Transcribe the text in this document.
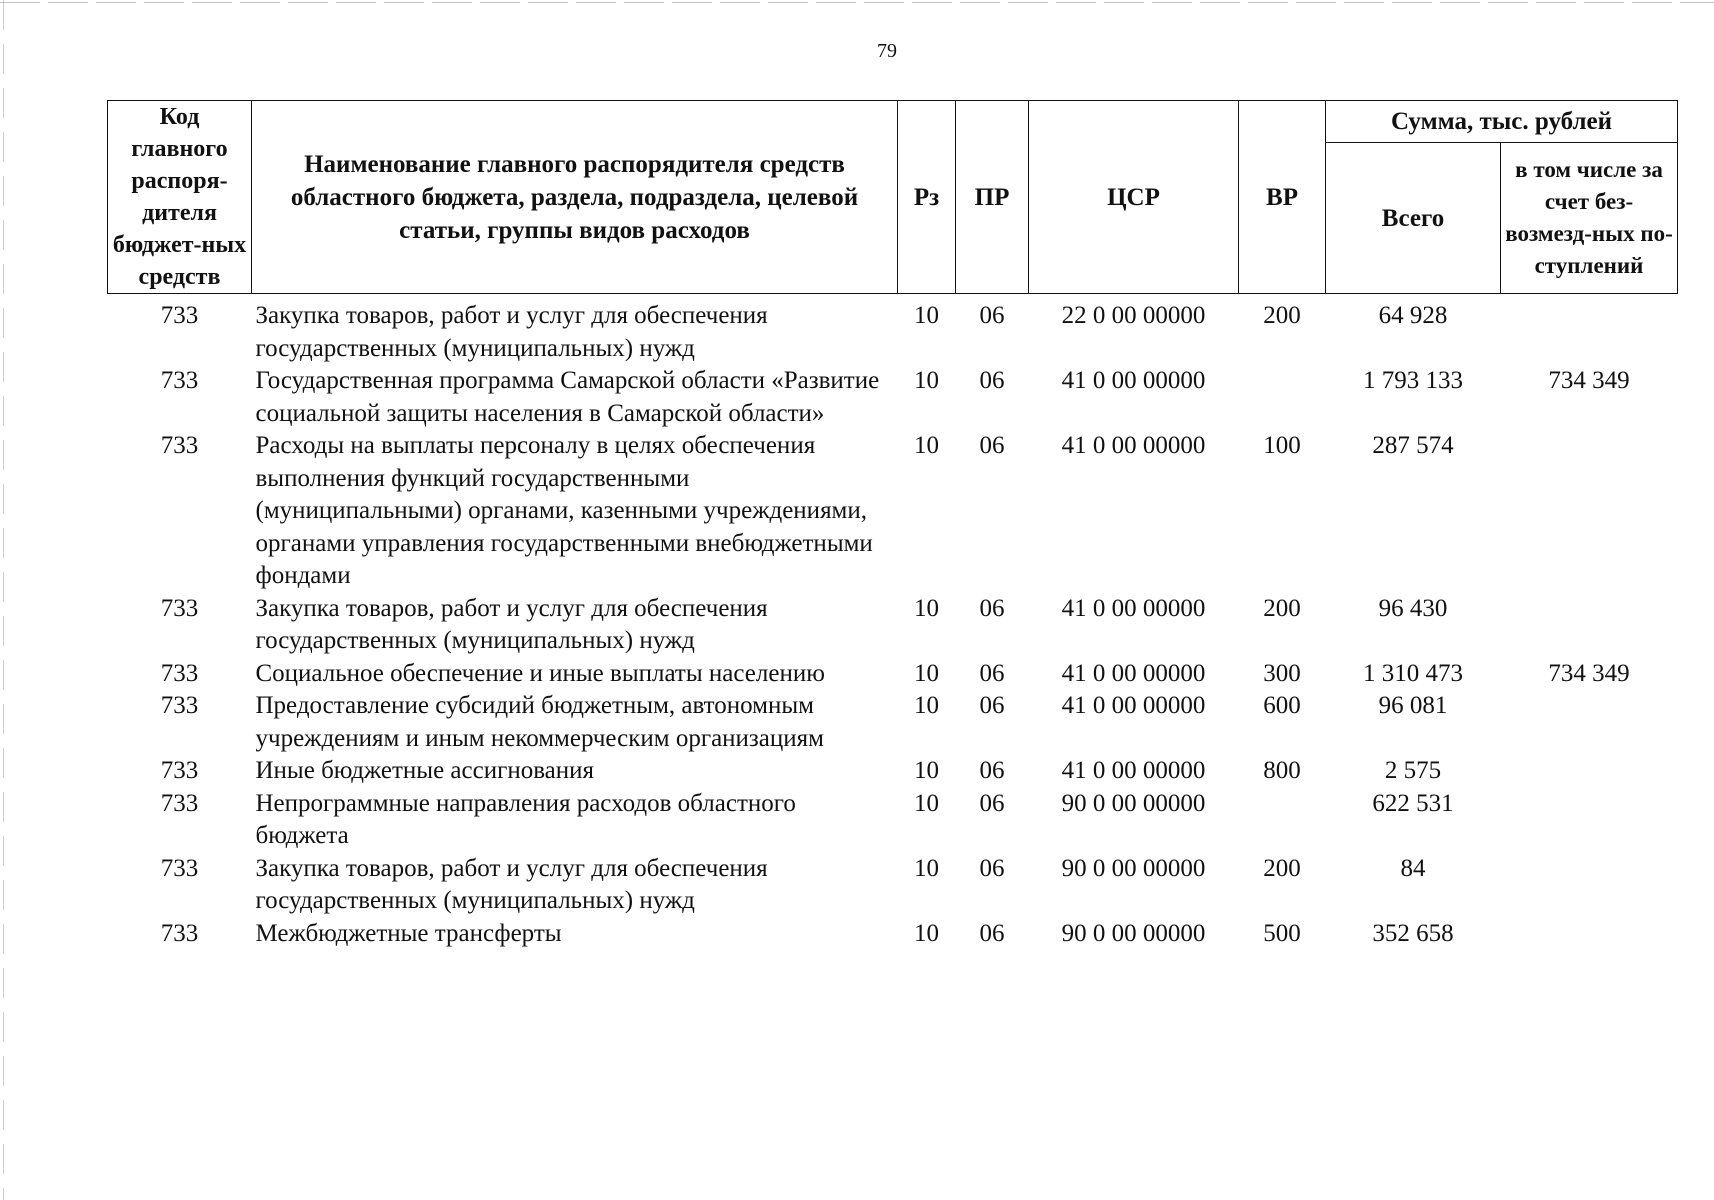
79
Код главного распоря-дителя бюджет-ных средств	Наименование главного распорядителя средств областного бюджета, раздела, подраздела, целевой статьи, группы видов расходов	Рз	ПР	ЦСР	ВР	Сумма, тыс. рублей	
						Всего	в том числе за счет без-возмезд-ных по-ступлений
733	Закупка товаров, работ и услуг для обеспечения государственных (муниципальных) нужд	10	06	22 0 00 00000	200	64 928	
733	Государственная программа Самарской области «Развитие социальной защиты населения в Самарской области»	10	06	41 0 00 00000		1 793 133	734 349
733	Расходы на выплаты персоналу в целях обеспечения выполнения функций государственными (муниципальными) органами, казенными учреждениями, органами управления государственными внебюджетными фондами	10	06	41 0 00 00000	100	287 574	
733	Закупка товаров, работ и услуг для обеспечения государственных (муниципальных) нужд	10	06	41 0 00 00000	200	96 430	
733	Социальное обеспечение и иные выплаты населению	10	06	41 0 00 00000	300	1 310 473	734 349
733	Предоставление субсидий бюджетным, автономным учреждениям и иным некоммерческим организациям	10	06	41 0 00 00000	600	96 081	
733	Иные бюджетные ассигнования	10	06	41 0 00 00000	800	2 575	
733	Непрограммные направления расходов областного бюджета	10	06	90 0 00 00000		622 531	
733	Закупка товаров, работ и услуг для обеспечения государственных (муниципальных) нужд	10	06	90 0 00 00000	200	84	
733	Межбюджетные трансферты	10	06	90 0 00 00000	500	352 658	
